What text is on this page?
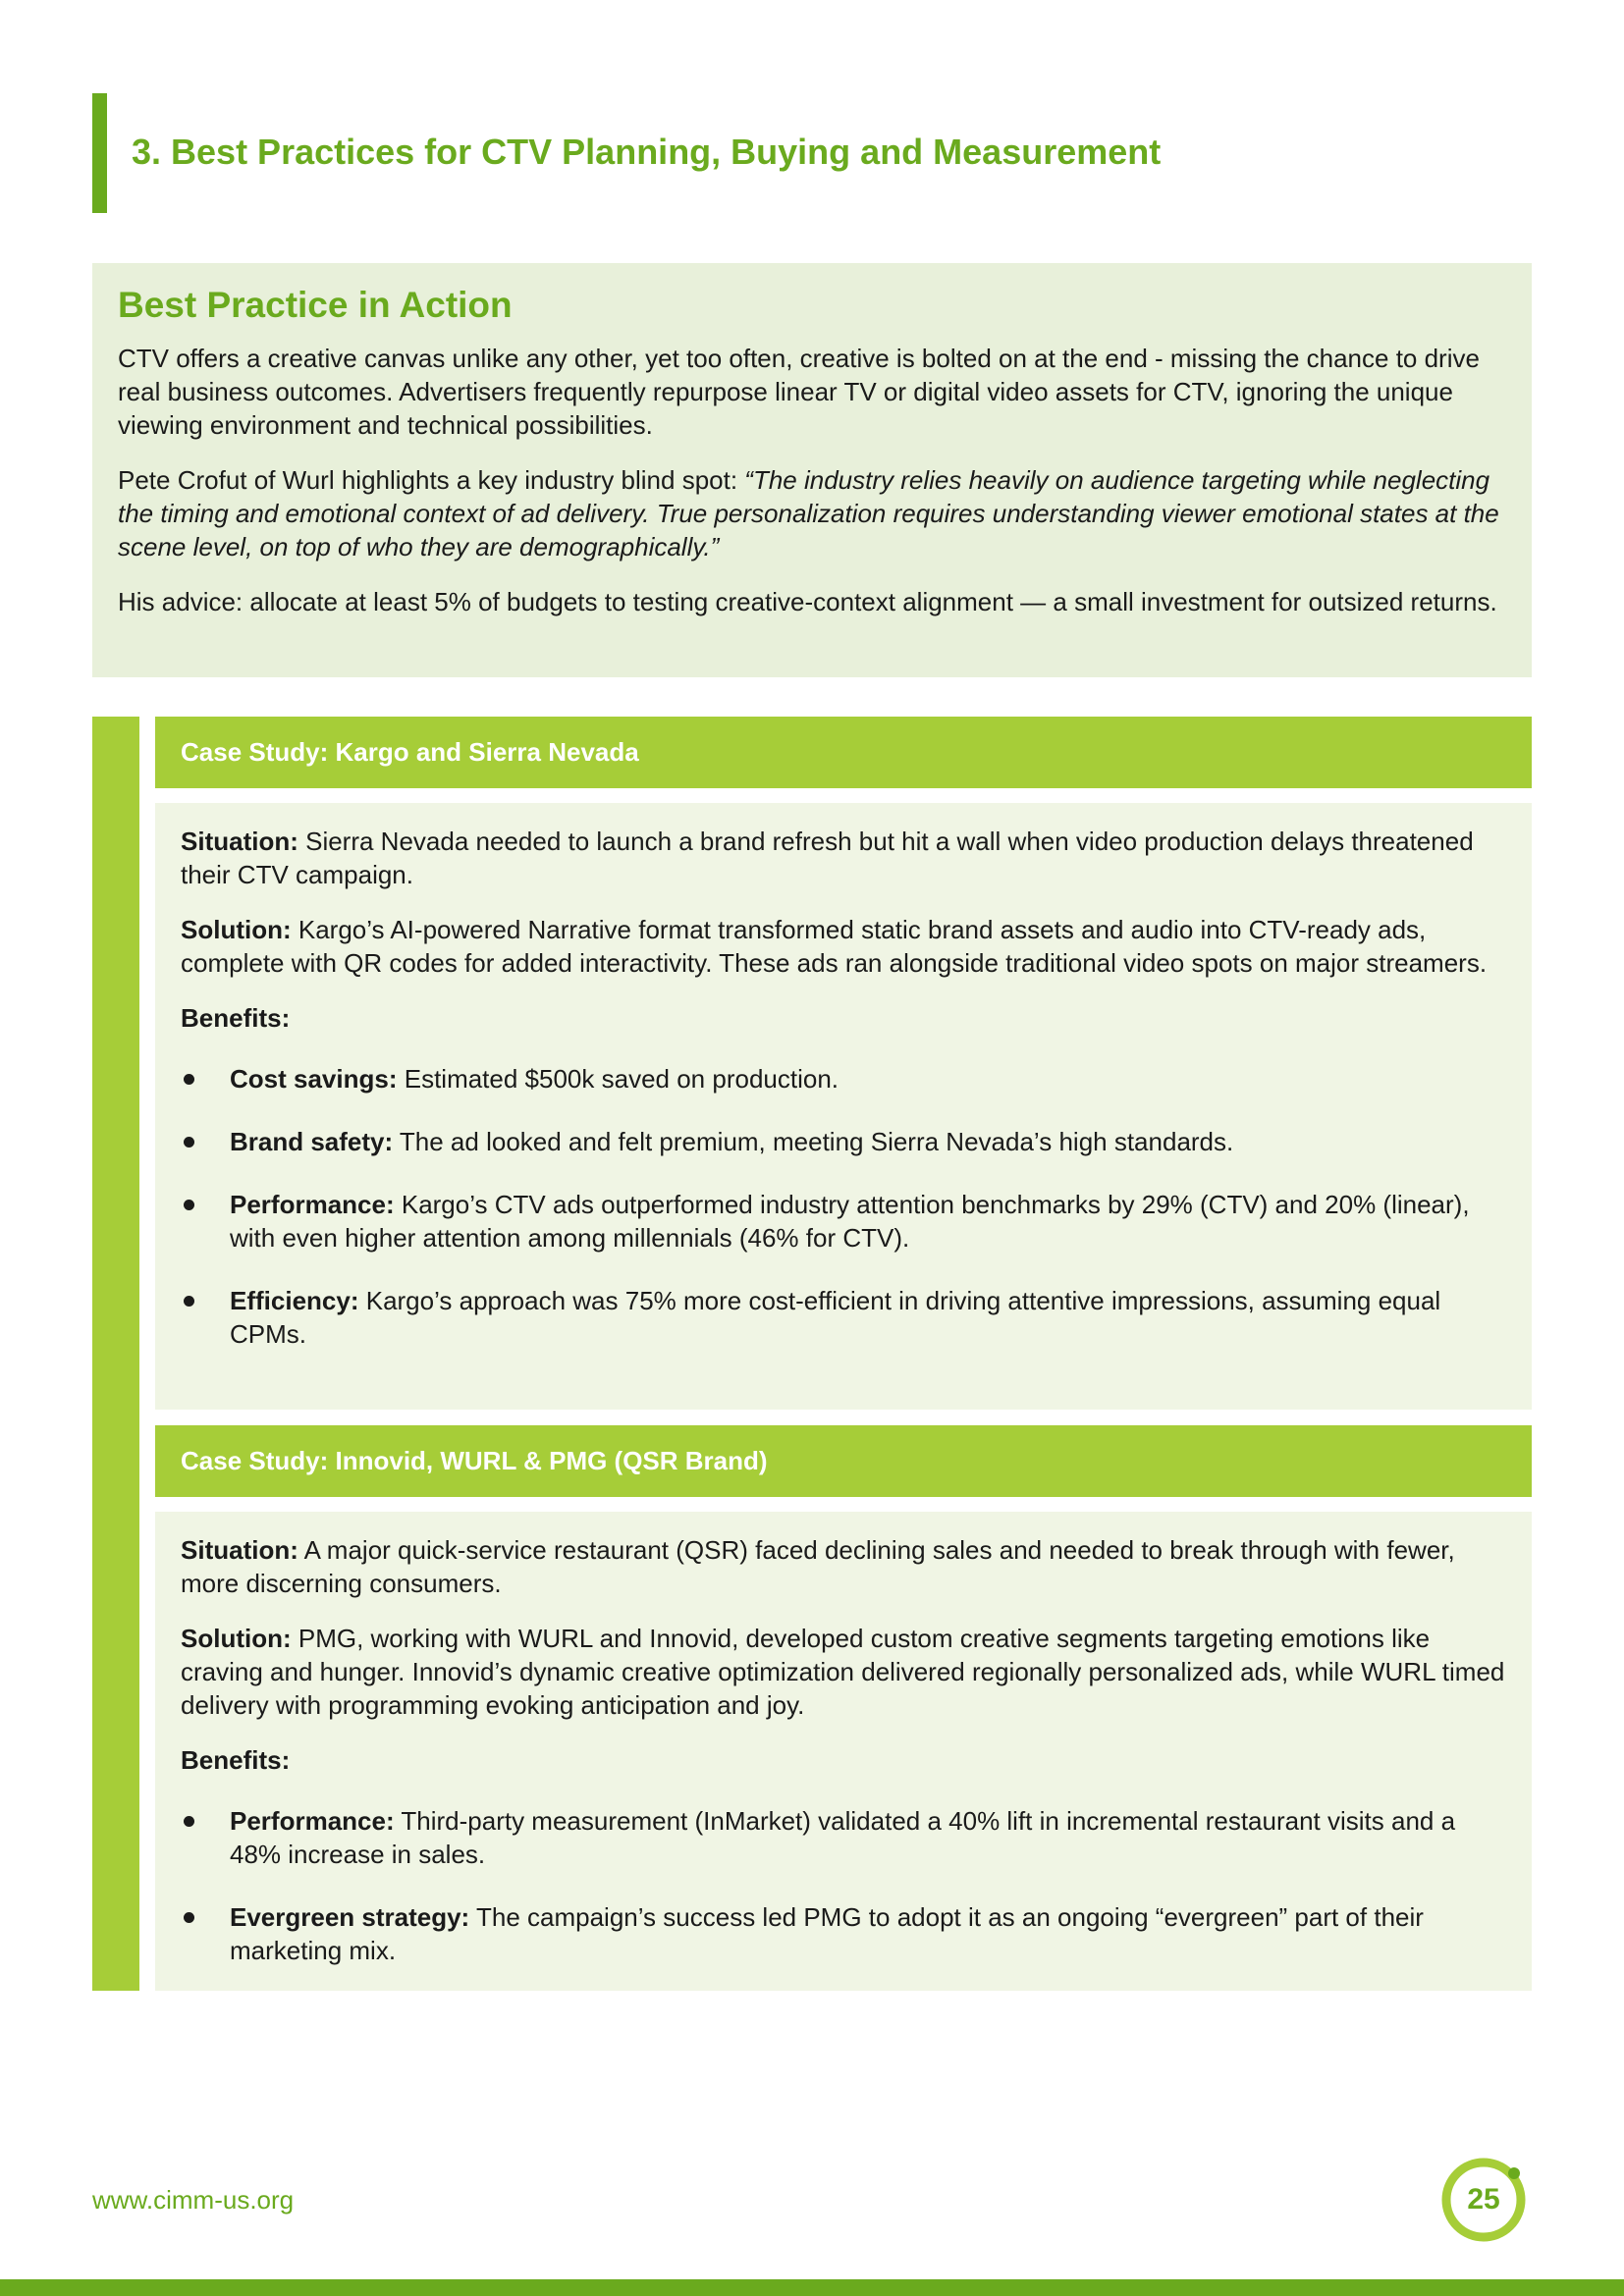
3. Best Practices for CTV Planning, Buying and Measurement
Best Practice in Action

CTV offers a creative canvas unlike any other, yet too often, creative is bolted on at the end - missing the chance to drive real business outcomes. Advertisers frequently repurpose linear TV or digital video assets for CTV, ignoring the unique viewing environment and technical possibilities.

Pete Crofut of Wurl highlights a key industry blind spot: “The industry relies heavily on audience targeting while neglecting the timing and emotional context of ad delivery. True personalization requires understanding viewer emotional states at the scene level, on top of who they are demographically.”

His advice: allocate at least 5% of budgets to testing creative-context alignment — a small investment for outsized returns.

Case Study: Kargo and Sierra Nevada

Situation: Sierra Nevada needed to launch a brand refresh but hit a wall when video production delays threatened their CTV campaign.

Solution: Kargo’s AI-powered Narrative format transformed static brand assets and audio into CTV-ready ads, complete with QR codes for added interactivity. These ads ran alongside traditional video spots on major streamers.

Benefits:

Cost savings: Estimated $500k saved on production.
Brand safety: The ad looked and felt premium, meeting Sierra Nevada’s high standards.
Performance: Kargo’s CTV ads outperformed industry attention benchmarks by 29% (CTV) and 20% (linear), with even higher attention among millennials (46% for CTV).
Efficiency: Kargo’s approach was 75% more cost-efficient in driving attentive impressions, assuming equal CPMs.
Case Study: Innovid, WURL & PMG (QSR Brand)

Situation: A major quick-service restaurant (QSR) faced declining sales and needed to break through with fewer, more discerning consumers.

Solution: PMG, working with WURL and Innovid, developed custom creative segments targeting emotions like craving and hunger. Innovid’s dynamic creative optimization delivered regionally personalized ads, while WURL timed delivery with programming evoking anticipation and joy.

Benefits:

Performance: Third-party measurement (InMarket) validated a 40% lift in incremental restaurant visits and a 48% increase in sales.
Evergreen strategy: The campaign’s success led PMG to adopt it as an ongoing “evergreen” part of their marketing mix.
www.cimm-us.org	25
